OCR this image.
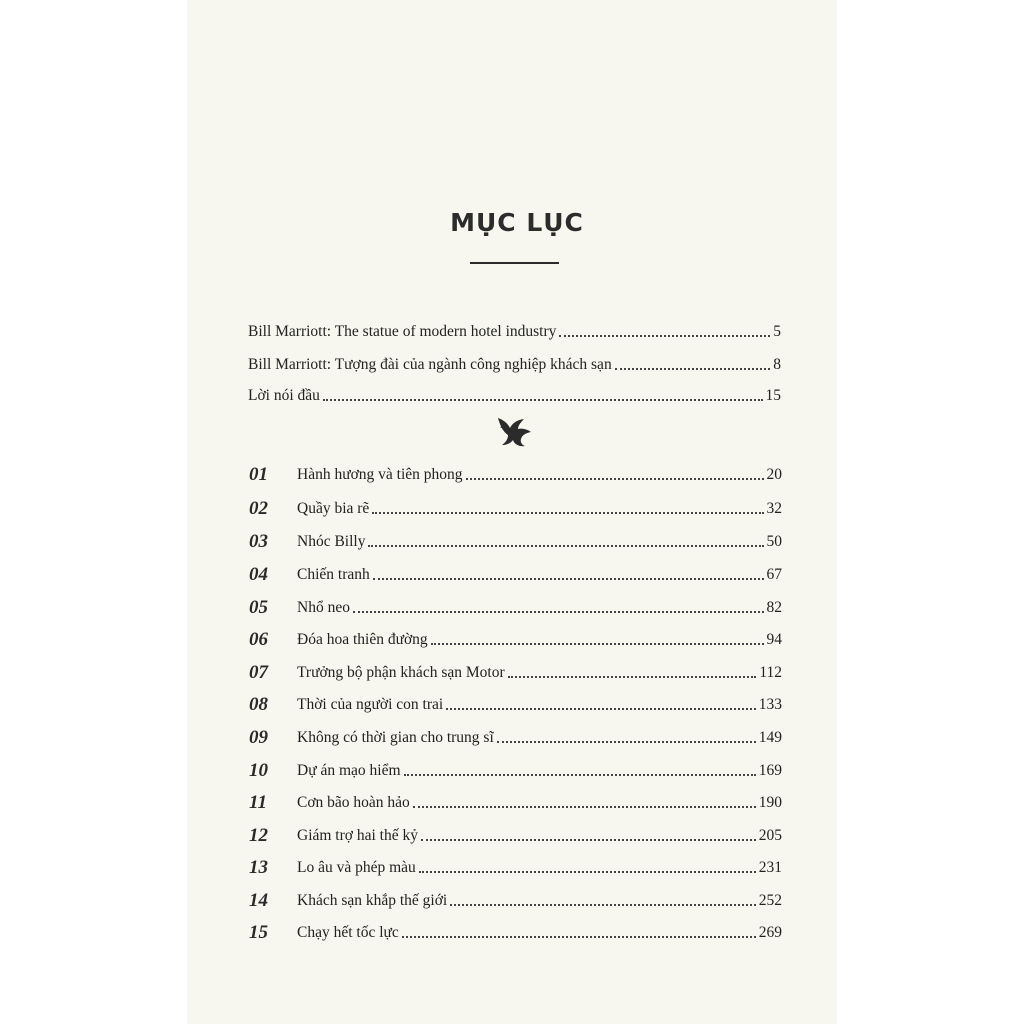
MỤC LỤC
Bill Marriott: The statue of modern hotel industry	5
Bill Marriott: Tượng đài của ngành công nghiệp khách sạn	8
Lời nói đầu	15
01	Hành hương và tiên phong	20
02	Quầy bia rẽ	32
03	Nhóc Billy	50
04	Chiến tranh	67
05	Nhổ neo	82
06	Đóa hoa thiên đường	94
07	Trưởng bộ phận khách sạn Motor	112
08	Thời của người con trai	133
09	Không có thời gian cho trung sĩ	149
10	Dự án mạo hiểm	169
11	Cơn bão hoàn hảo	190
12	Giám trợ hai thế kỷ	205
13	Lo âu và phép màu	231
14	Khách sạn khắp thế giới	252
15	Chạy hết tốc lực	269
